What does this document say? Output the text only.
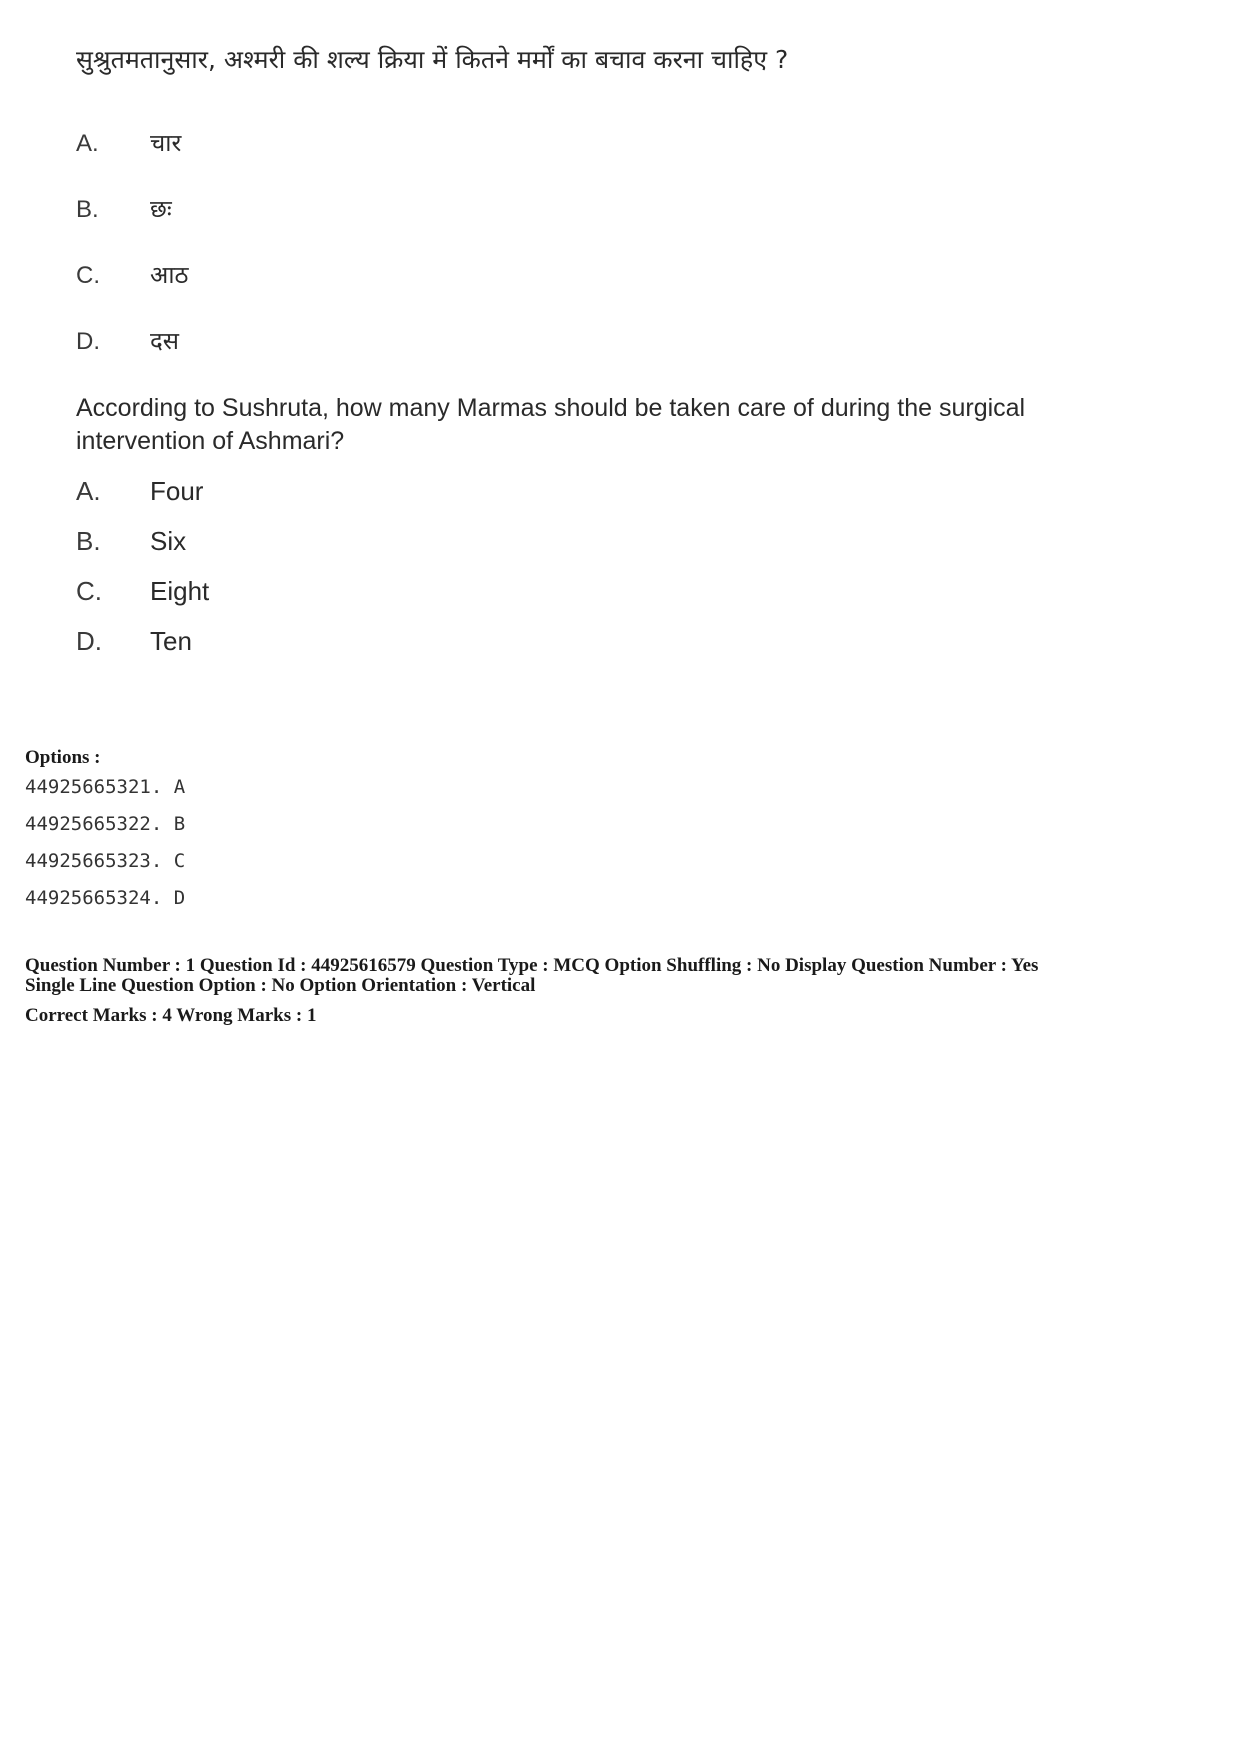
सुश्रुतमतानुसार, अश्मरी की शल्य क्रिया में कितने मर्मों का बचाव करना चाहिए ?
A. चार
B. छः
C. आठ
D. दस
According to Sushruta, how many Marmas should be taken care of during the surgical intervention of Ashmari?
A. Four
B. Six
C. Eight
D. Ten
Options :
44925665321. A
44925665322. B
44925665323. C
44925665324. D
Question Number : 1 Question Id : 44925616579 Question Type : MCQ Option Shuffling : No Display Question Number : Yes
Single Line Question Option : No Option Orientation : Vertical
Correct Marks : 4 Wrong Marks : 1
